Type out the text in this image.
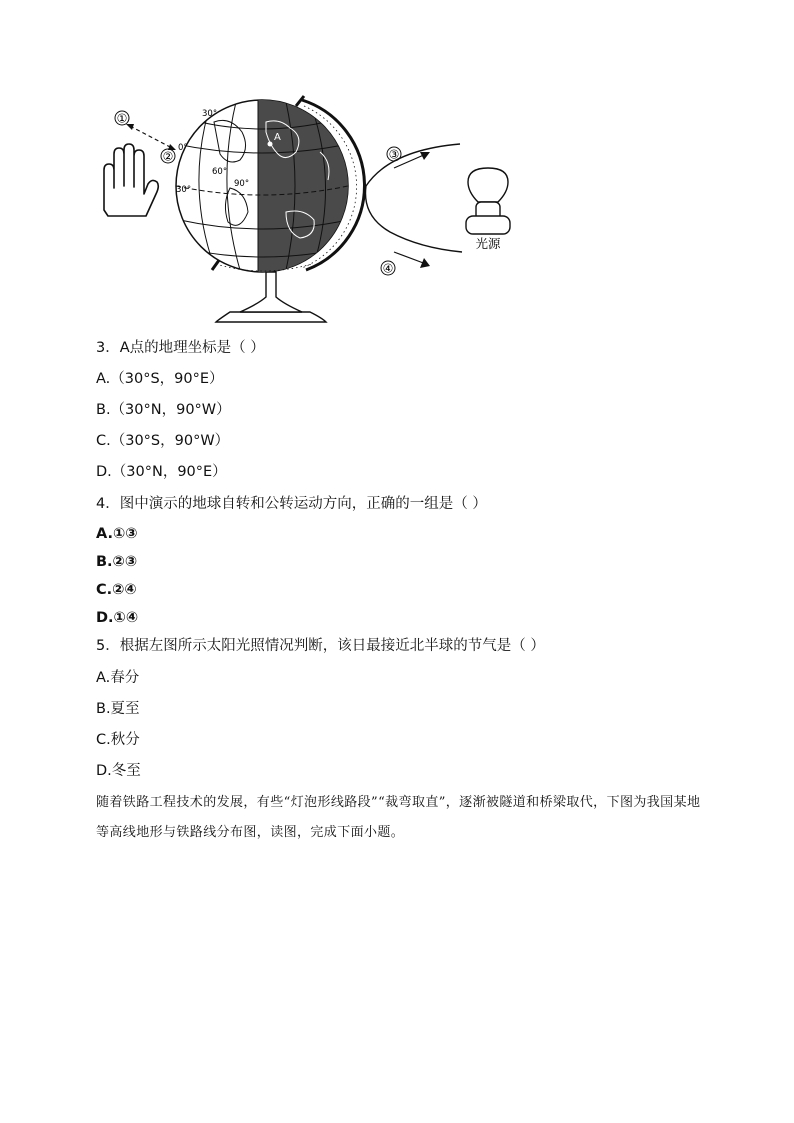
①
②
A
30°
0°
30°
60°
90°
③
④
光源
3．A点的地理坐标是（ ）
A.（30°S，90°E）
B.（30°N，90°W）
C.（30°S，90°W）
D.（30°N，90°E）
4．图中演示的地球自转和公转运动方向，正确的一组是（ ）
A.①③
B.②③
C.②④
D.①④
5．根据左图所示太阳光照情况判断，该日最接近北半球的节气是（ ）
A.春分
B.夏至
C.秋分
D.冬至
随着铁路工程技术的发展，有些“灯泡形线路段”“裁弯取直”，逐渐被隧道和桥梁取代，下图为我国某地等高线地形与铁路线分布图，读图，完成下面小题。
